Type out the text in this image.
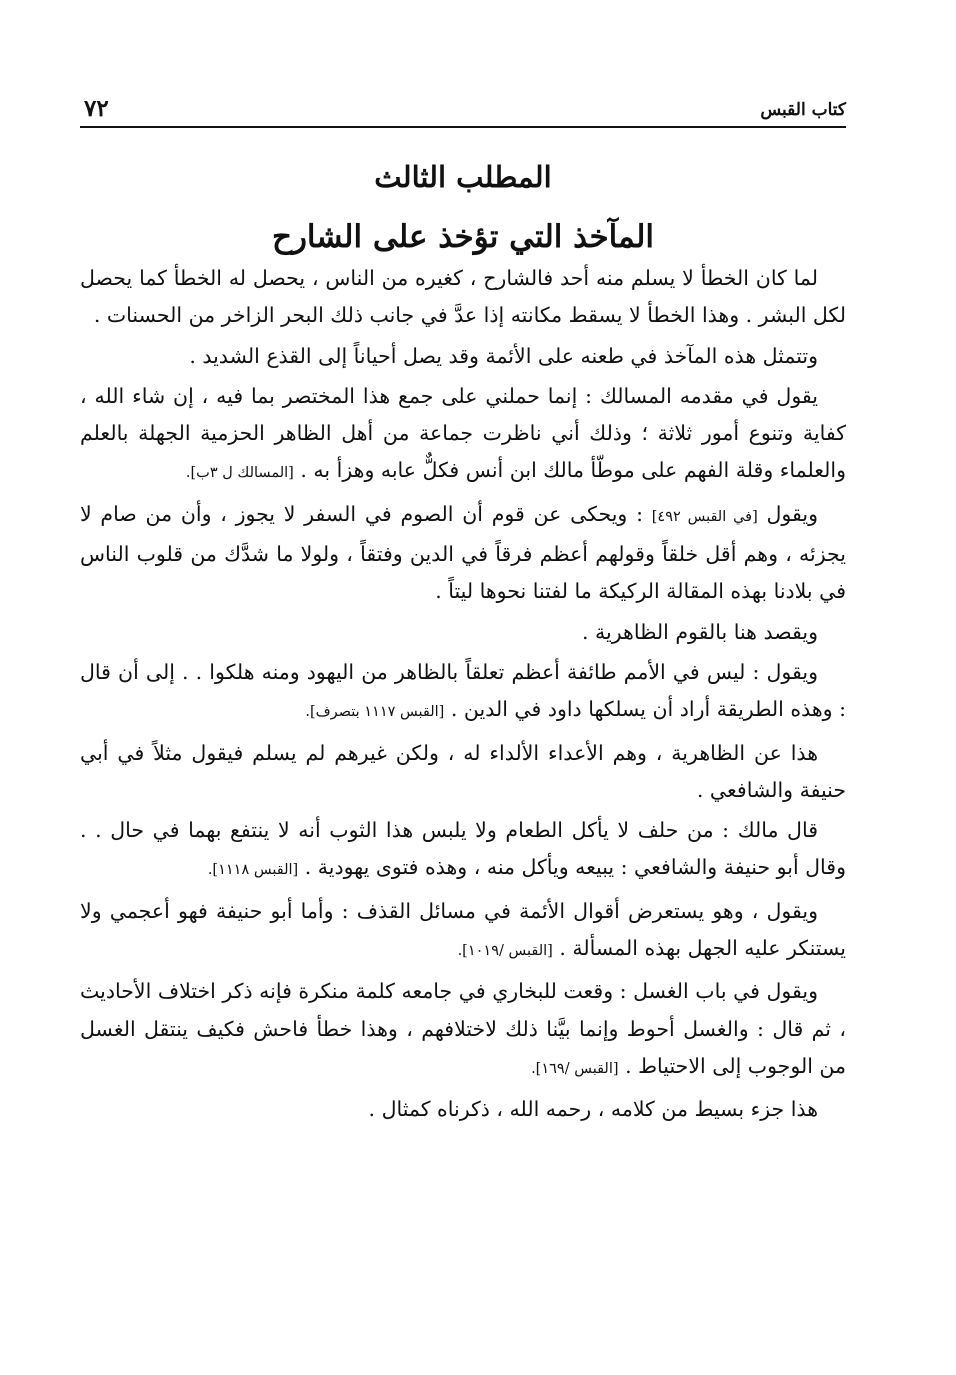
٧٢	كتاب القبس
المطلب الثالث
المآخذ التي تؤخذ على الشارح

لما كان الخطأ لا يسلم منه أحد فالشارح ، كغيره من الناس ، يحصل له الخطأ كما يحصل لكل البشر . وهذا الخطأ لا يسقط مكانته إذا عدَّ في جانب ذلك البحر الزاخر من الحسنات .

وتتمثل هذه المآخذ في طعنه على الأئمة وقد يصل أحياناً إلى القذع الشديد .

يقول في مقدمه المسالك : إنما حملني على جمع هذا المختصر بما فيه ، إن شاء الله ، كفاية وتنوع أمور ثلاثة ؛ وذلك أني ناظرت جماعة من أهل الظاهر الحزمية الجهلة بالعلم والعلماء وقلة الفهم على موطّأ مالك ابن أنس فكلٌّ عابه وهزأ به . [المسالك ل ٣ب].

ويقول [في القبس ٤٩٢] : ويحكى عن قوم أن الصوم في السفر لا يجوز ، وأن من صام لا يجزئه ، وهم أقل خلقاً وقولهم أعظم فرقاً في الدين وفتقاً ، ولولا ما شدَّك من قلوب الناس في بلادنا بهذه المقالة الركيكة ما لفتنا نحوها ليتاً .

ويقصد هنا بالقوم الظاهرية .

ويقول : ليس في الأمم طائفة أعظم تعلقاً بالظاهر من اليهود ومنه هلكوا . . إلى أن قال : وهذه الطريقة أراد أن يسلكها داود في الدين . [القبس ١١١٧ بتصرف].

هذا عن الظاهرية ، وهم الأعداء الألداء له ، ولكن غيرهم لم يسلم فيقول مثلاً في أبي حنيفة والشافعي .

قال مالك : من حلف لا يأكل الطعام ولا يلبس هذا الثوب أنه لا ينتفع بهما في حال . . وقال أبو حنيفة والشافعي : يبيعه ويأكل منه ، وهذه فتوى يهودية . [القبس ١١١٨].

ويقول ، وهو يستعرض أقوال الأئمة في مسائل القذف : وأما أبو حنيفة فهو أعجمي ولا يستنكر عليه الجهل بهذه المسألة . [القبس /١٠١٩].

ويقول في باب الغسل : وقعت للبخاري في جامعه كلمة منكرة فإنه ذكر اختلاف الأحاديث ، ثم قال : والغسل أحوط وإنما بيَّنا ذلك لاختلافهم ، وهذا خطأ فاحش فكيف ينتقل الغسل من الوجوب إلى الاحتياط . [القبس /١٦٩].

هذا جزء بسيط من كلامه ، رحمه الله ، ذكرناه كمثال .
